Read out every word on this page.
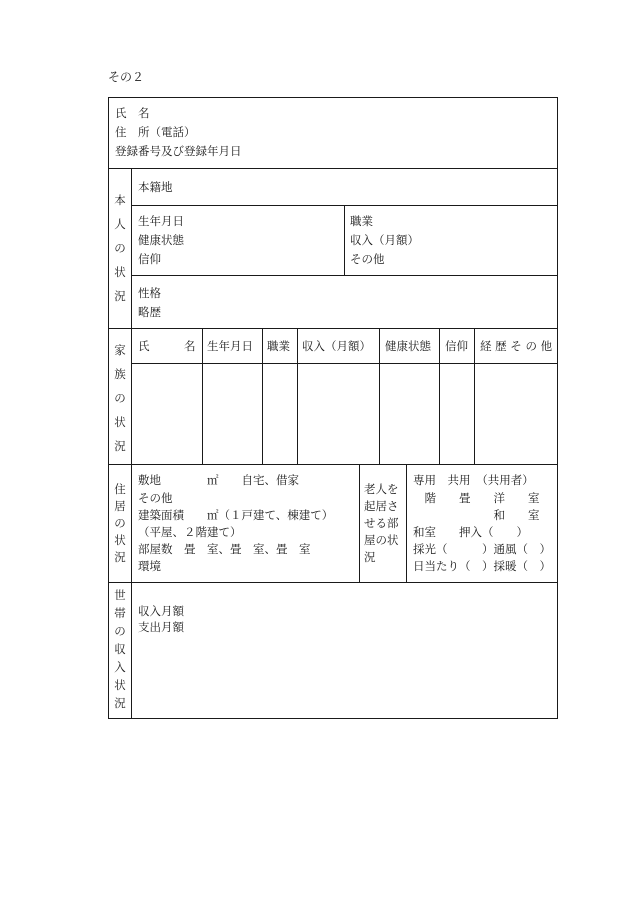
その２
氏　名
住　所（電話）
登録番号及び登録年月日
本
人
の
状
況
本籍地
生年月日
健康状態
信仰
職業
収入（月額）
その他
性格
略歴
家
族
の
状
況
氏　　　名 生年月日 職業 収入（月額） 健康状態 信仰 経 歴 そ の 他
住
居
の
状
況
敷地　　　　㎡　　自宅、借家
その他
建築面積　　㎡（１戸建て、棟建て）
（平屋、２階建て）
部屋数　畳　室、畳　室、畳　室
環境
老人を
起居さ
せる部
屋の状
況
専用　共用　（共用者）
　階　　畳　　洋　　室
　　　　　　　和　　室
和室　　押入（　　）
採光（　　　）通風（　）
日当たり（　）採暖（　）
世
帯
の
収
入
状
況
収入月額
支出月額
